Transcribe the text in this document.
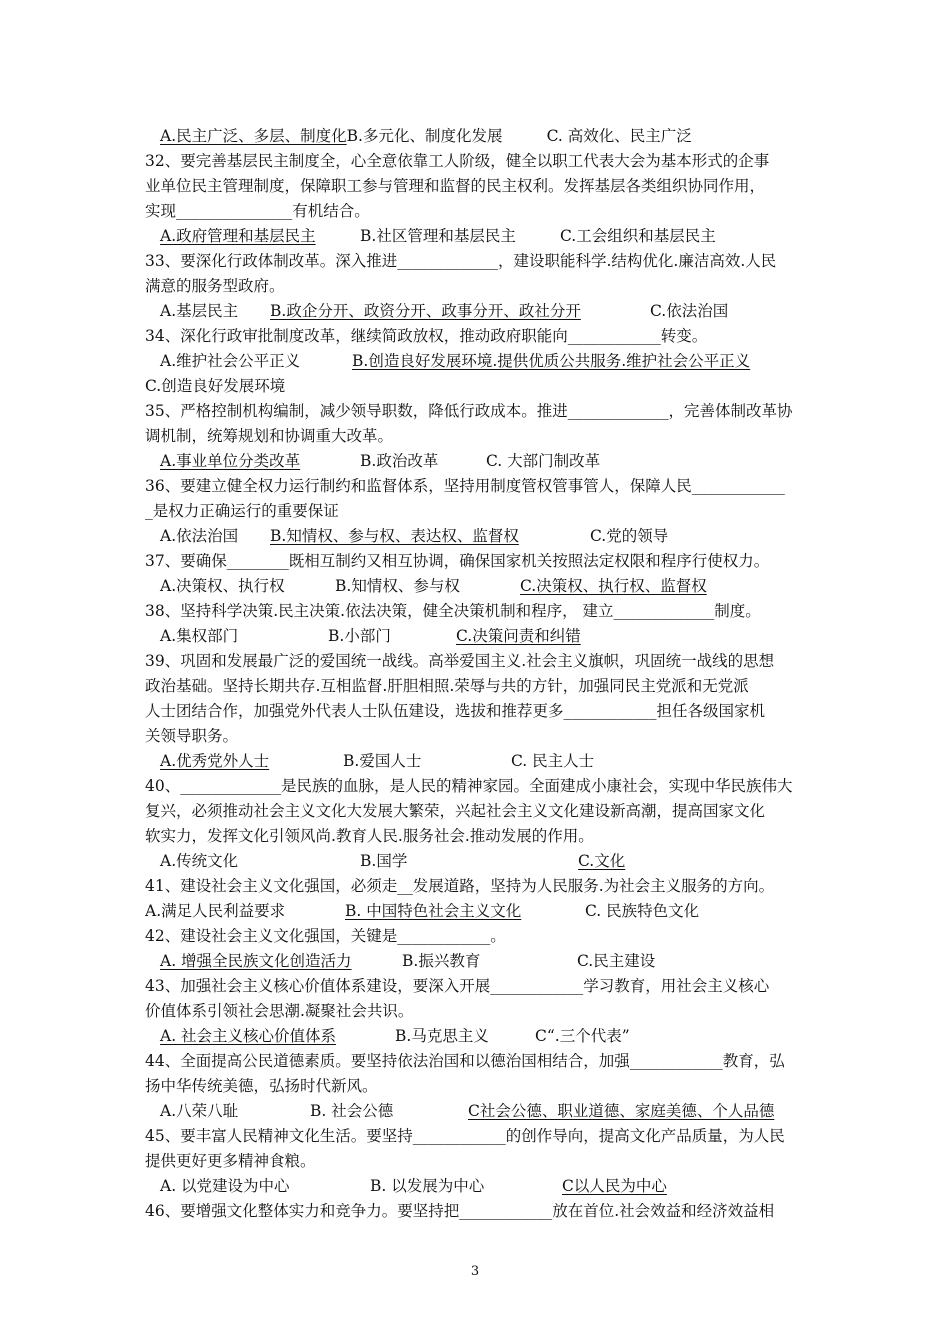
A.民主广泛、多层、制度化B.多元化、制度化发展	C. 高效化、民主广泛
32、要完善基层民主制度全，心全意依靠工人阶级，健全以职工代表大会为基本形式的企事
业单位民主管理制度，保障职工参与管理和监督的民主权利。发挥基层各类组织协同作用，
实现_______________有机结合。
A.政府管理和基层民主	B.社区管理和基层民主	C.工会组织和基层民主
33、要深化行政体制改革。深入推进_____________，建设职能科学.结构优化.廉洁高效.人民
满意的服务型政府。
A.基层民主 B.政企分开、政资分开、政事分开、政社分开	C.依法治国
34、深化行政审批制度改革，继续简政放权，推动政府职能向____________转变。
A.维护社会公平正义	B.创造良好发展环境.提供优质公共服务.维护社会公平正义
C.创造良好发展环境
35、严格控制机构编制，减少领导职数，降低行政成本。推进_____________，完善体制改革协
调机制，统筹规划和协调重大改革。
A.事业单位分类改革	B.政治改革	C. 大部门制改革
36、要建立健全权力运行制约和监督体系，坚持用制度管权管事管人，保障人民____________
_是权力正确运行的重要保证
A.依法治国 B.知情权、参与权、表达权、监督权	C.党的领导
37、要确保________既相互制约又相互协调，确保国家机关按照法定权限和程序行使权力。
A.决策权、执行权	B.知情权、参与权	C.决策权、执行权、监督权
38、坚持科学决策.民主决策.依法决策，健全决策机制和程序， 建立_____________制度。
A.集权部门	B.小部门	C.决策问责和纠错
39、巩固和发展最广泛的爱国统一战线。高举爱国主义.社会主义旗帜，巩固统一战线的思想
政治基础。坚持长期共存.互相监督.肝胆相照.荣辱与共的方针，加强同民主党派和无党派
人士团结合作，加强党外代表人士队伍建设，选拔和推荐更多____________担任各级国家机
关领导职务。
A.优秀党外人士	B.爱国人士	C. 民主人士
40、_____________是民族的血脉，是人民的精神家园。全面建成小康社会，实现中华民族伟大
复兴，必须推动社会主义文化大发展大繁荣，兴起社会主义文化建设新高潮，提高国家文化
软实力，发挥文化引领风尚.教育人民.服务社会.推动发展的作用。
A.传统文化	B.国学	C.文化
41、建设社会主义文化强国，必须走__发展道路，坚持为人民服务.为社会主义服务的方向。
A.满足人民利益要求	B. 中国特色社会主义文化	C. 民族特色文化
42、建设社会主义文化强国，关键是____________。
A. 增强全民族文化创造活力	B.振兴教育	C.民主建设
43、加强社会主义核心价值体系建设，要深入开展____________学习教育，用社会主义核心
价值体系引领社会思潮.凝聚社会共识。
A. 社会主义核心价值体系	B.马克思主义	C“.三个代表”
44、全面提高公民道德素质。要坚持依法治国和以德治国相结合，加强____________教育，弘
扬中华传统美德，弘扬时代新风。
A.八荣八耻	B. 社会公德	C社会公德、职业道德、家庭美德、个人品德
45、要丰富人民精神文化生活。要坚持____________的创作导向，提高文化产品质量，为人民
提供更好更多精神食粮。
A. 以党建设为中心	B. 以发展为中心	C以人民为中心
46、要增强文化整体实力和竞争力。要坚持把____________放在首位.社会效益和经济效益相
3
